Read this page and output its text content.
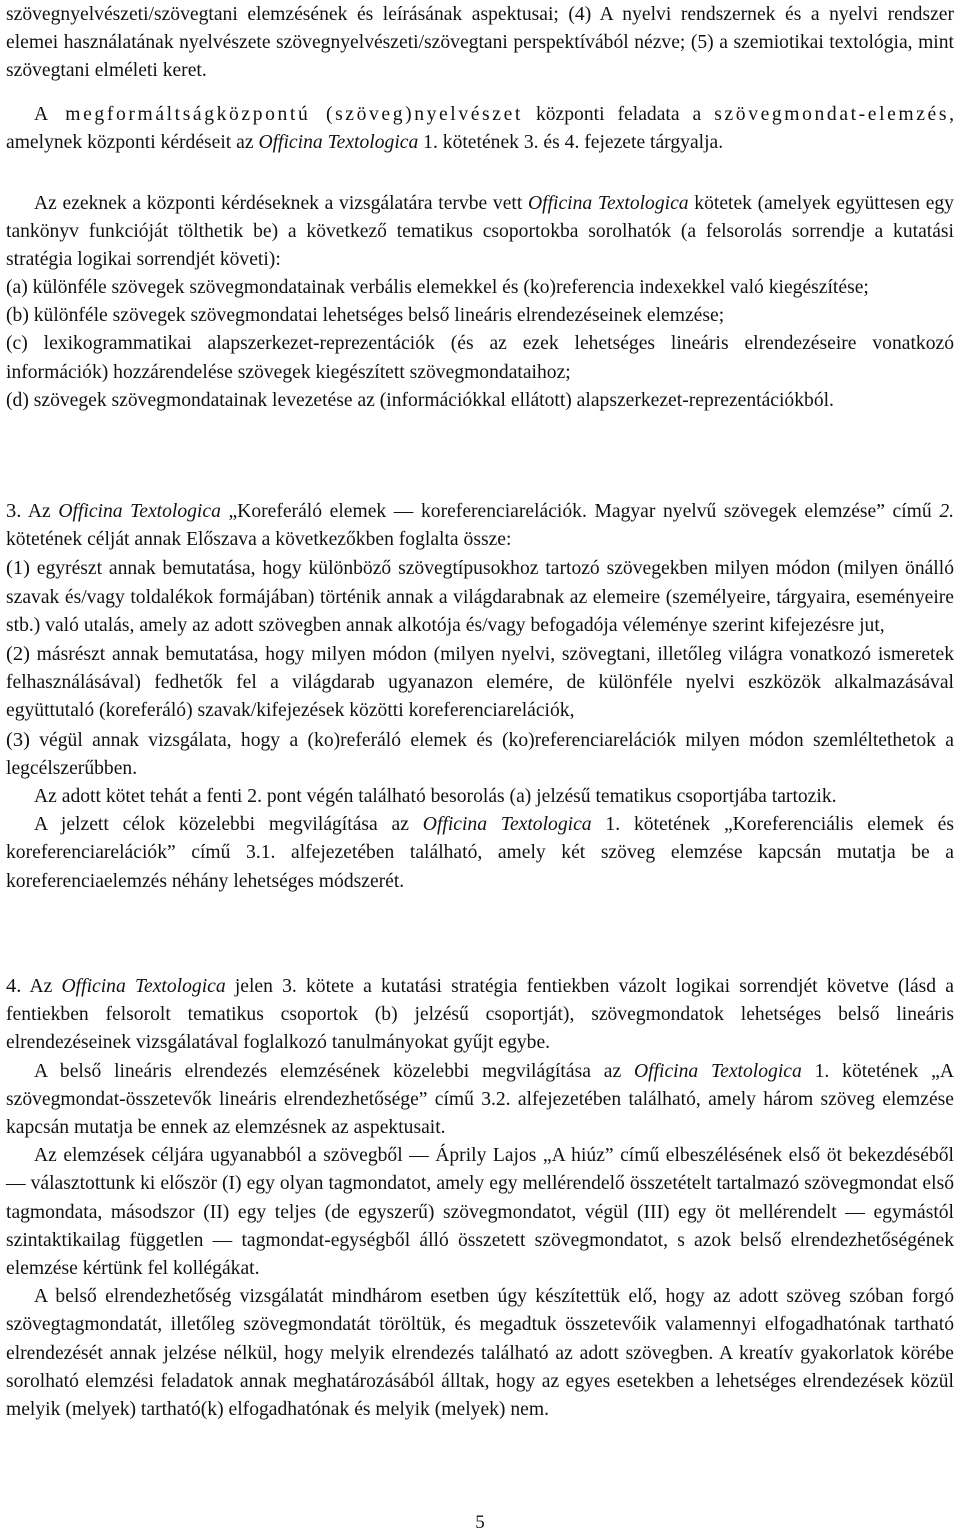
szövegnyelvészeti/szövegtani elemzésének és leírásának aspektusai; (4) A nyelvi rendszernek és a nyelvi rendszer elemei használatának nyelvészete szövegnyelvészeti/szövegtani perspektívából nézve; (5) a szemiotikai textológia, mint szövegtani elméleti keret.

A megformáltságközpontú (szöveg)nyelvészet központi feladata a szövegmondat-elemzés, amelynek központi kérdéseit az Officina Textologica 1. kötetének 3. és 4. fejezete tárgyalja.

Az ezeknek a központi kérdéseknek a vizsgálatára tervbe vett Officina Textologica kötetek (amelyek együttesen egy tankönyv funkcióját tölthetik be) a következő tematikus csoportokba sorolhatók (a felsorolás sorrendje a kutatási stratégia logikai sorrendjét követi):

(a) különféle szövegek szövegmondatainak verbális elemekkel és (ko)referencia indexekkel való kiegészítése;

(b) különféle szövegek szövegmondatai lehetséges belső lineáris elrendezéseinek elemzése;

(c) lexikogrammatikai alapszerkezet-reprezentációk (és az ezek lehetséges lineáris elrendezéseire vonatkozó információk) hozzárendelése szövegek kiegészített szövegmondataihoz;

(d) szövegek szövegmondatainak levezetése az (információkkal ellátott) alapszerkezet-reprezentációkból.

3. Az Officina Textologica „Koreferáló elemek — koreferenciarelációk. Magyar nyelvű szövegek elemzése” című 2. kötetének célját annak Előszava a következőkben foglalta össze:

(1) egyrészt annak bemutatása, hogy különböző szövegtípusokhoz tartozó szövegekben milyen módon (milyen önálló szavak és/vagy toldalékok formájában) történik annak a világdarabnak az elemeire (személyeire, tárgyaira, eseményeire stb.) való utalás, amely az adott szövegben annak alkotója és/vagy befogadója véleménye szerint kifejezésre jut,

(2) másrészt annak bemutatása, hogy milyen módon (milyen nyelvi, szövegtani, illetőleg világra vonatkozó ismeretek felhasználásával) fedhetők fel a világdarab ugyanazon elemére, de különféle nyelvi eszközök alkalmazásával együttutaló (koreferáló) szavak/kifejezések közötti koreferenciarelációk,

(3) végül annak vizsgálata, hogy a (ko)referáló elemek és (ko)referenciarelációk milyen módon szemléltethetok a legcélszerűbben.

Az adott kötet tehát a fenti 2. pont végén található besorolás (a) jelzésű tematikus csoportjába tartozik.

A jelzett célok közelebbi megvilágítása az Officina Textologica 1. kötetének „Koreferenciális elemek és koreferenciarelációk” című 3.1. alfejezetében található, amely két szöveg elemzése kapcsán mutatja be a koreferenciaelemzés néhány lehetséges módszerét.

4. Az Officina Textologica jelen 3. kötete a kutatási stratégia fentiekben vázolt logikai sorrendjét követve (lásd a fentiekben felsorolt tematikus csoportok (b) jelzésű csoportját), szövegmondatok lehetséges belső lineáris elrendezéseinek vizsgálatával foglalkozó tanulmányokat gyűjt egybe.

A belső lineáris elrendezés elemzésének közelebbi megvilágítása az Officina Textologica 1. kötetének „A szövegmondat-összetevők lineáris elrendezhetősége” című 3.2. alfejezetében található, amely három szöveg elemzése kapcsán mutatja be ennek az elemzésnek az aspektusait.

Az elemzések céljára ugyanabból a szövegből — Áprily Lajos „A hiúz” című elbeszélésének első öt bekezdéséből — választottunk ki először (I) egy olyan tagmondatot, amely egy mellérendelő összetételt tartalmazó szövegmondat első tagmondata, másodszor (II) egy teljes (de egyszerű) szövegmondatot, végül (III) egy öt mellérendelt — egymástól szintaktikailag független — tagmondat-egységből álló összetett szövegmondatot, s azok belső elrendezhetőségének elemzése kértünk fel kollégákat.

A belső elrendezhetőség vizsgálatát mindhárom esetben úgy készítettük elő, hogy az adott szöveg szóban forgó szövegtagmondatát, illetőleg szövegmondatát töröltük, és megadtuk összetevőik valamennyi elfogadhatónak tartható elrendezését annak jelzése nélkül, hogy melyik elrendezés található az adott szövegben. A kreatív gyakorlatok körébe sorolható elemzési feladatok annak meghatározásából álltak, hogy az egyes esetekben a lehetséges elrendezések közül melyik (melyek) tartható(k) elfogadhatónak és melyik (melyek) nem.

5
